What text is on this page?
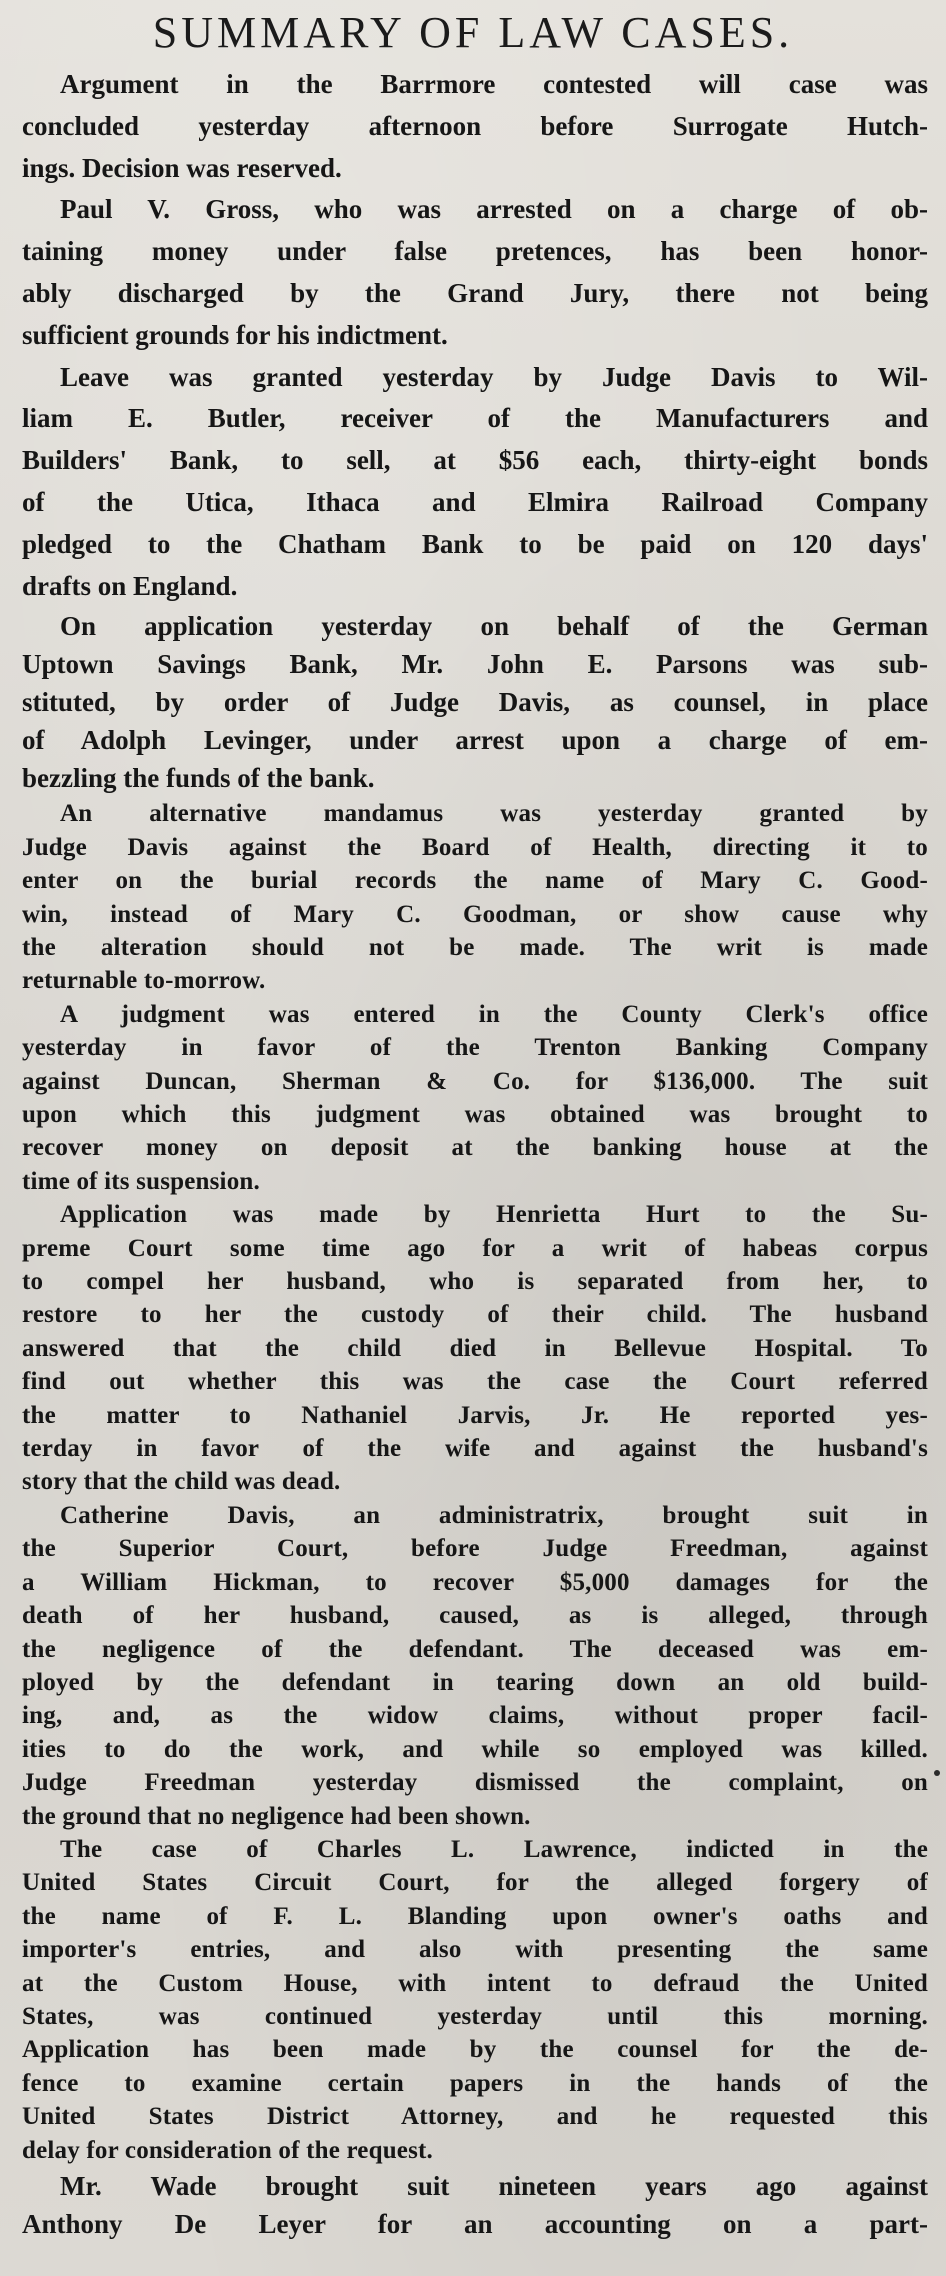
SUMMARY OF LAW CASES.
Argument in the Barrmore contested will case was
concluded yesterday afternoon before Surrogate Hutch-
ings. Decision was reserved.
Paul V. Gross, who was arrested on a charge of ob-
taining money under false pretences, has been honor-
ably discharged by the Grand Jury, there not being
sufficient grounds for his indictment.
Leave was granted yesterday by Judge Davis to Wil-
liam E. Butler, receiver of the Manufacturers and
Builders' Bank, to sell, at $56 each, thirty-eight bonds
of the Utica, Ithaca and Elmira Railroad Company
pledged to the Chatham Bank to be paid on 120 days'
drafts on England.
On application yesterday on behalf of the German
Uptown Savings Bank, Mr. John E. Parsons was sub-
stituted, by order of Judge Davis, as counsel, in place
of Adolph Levinger, under arrest upon a charge of em-
bezzling the funds of the bank.
An alternative mandamus was yesterday granted by
Judge Davis against the Board of Health, directing it to
enter on the burial records the name of Mary C. Good-
win, instead of Mary C. Goodman, or show cause why
the alteration should not be made. The writ is made
returnable to-morrow.
A judgment was entered in the County Clerk's office
yesterday in favor of the Trenton Banking Company
against Duncan, Sherman & Co. for $136,000. The suit
upon which this judgment was obtained was brought to
recover money on deposit at the banking house at the
time of its suspension.
Application was made by Henrietta Hurt to the Su-
preme Court some time ago for a writ of habeas corpus
to compel her husband, who is separated from her, to
restore to her the custody of their child. The husband
answered that the child died in Bellevue Hospital. To
find out whether this was the case the Court referred
the matter to Nathaniel Jarvis, Jr. He reported yes-
terday in favor of the wife and against the husband's
story that the child was dead.
Catherine Davis, an administratrix, brought suit in
the Superior Court, before Judge Freedman, against
a William Hickman, to recover $5,000 damages for the
death of her husband, caused, as is alleged, through
the negligence of the defendant. The deceased was em-
ployed by the defendant in tearing down an old build-
ing, and, as the widow claims, without proper facil-
ities to do the work, and while so employed was killed.
Judge Freedman yesterday dismissed the complaint, on
the ground that no negligence had been shown.
The case of Charles L. Lawrence, indicted in the
United States Circuit Court, for the alleged forgery of
the name of F. L. Blanding upon owner's oaths and
importer's entries, and also with presenting the same
at the Custom House, with intent to defraud the United
States, was continued yesterday until this morning.
Application has been made by the counsel for the de-
fence to examine certain papers in the hands of the
United States District Attorney, and he requested this
delay for consideration of the request.
Mr. Wade brought suit nineteen years ago against
Anthony De Leyer for an accounting on a part-
